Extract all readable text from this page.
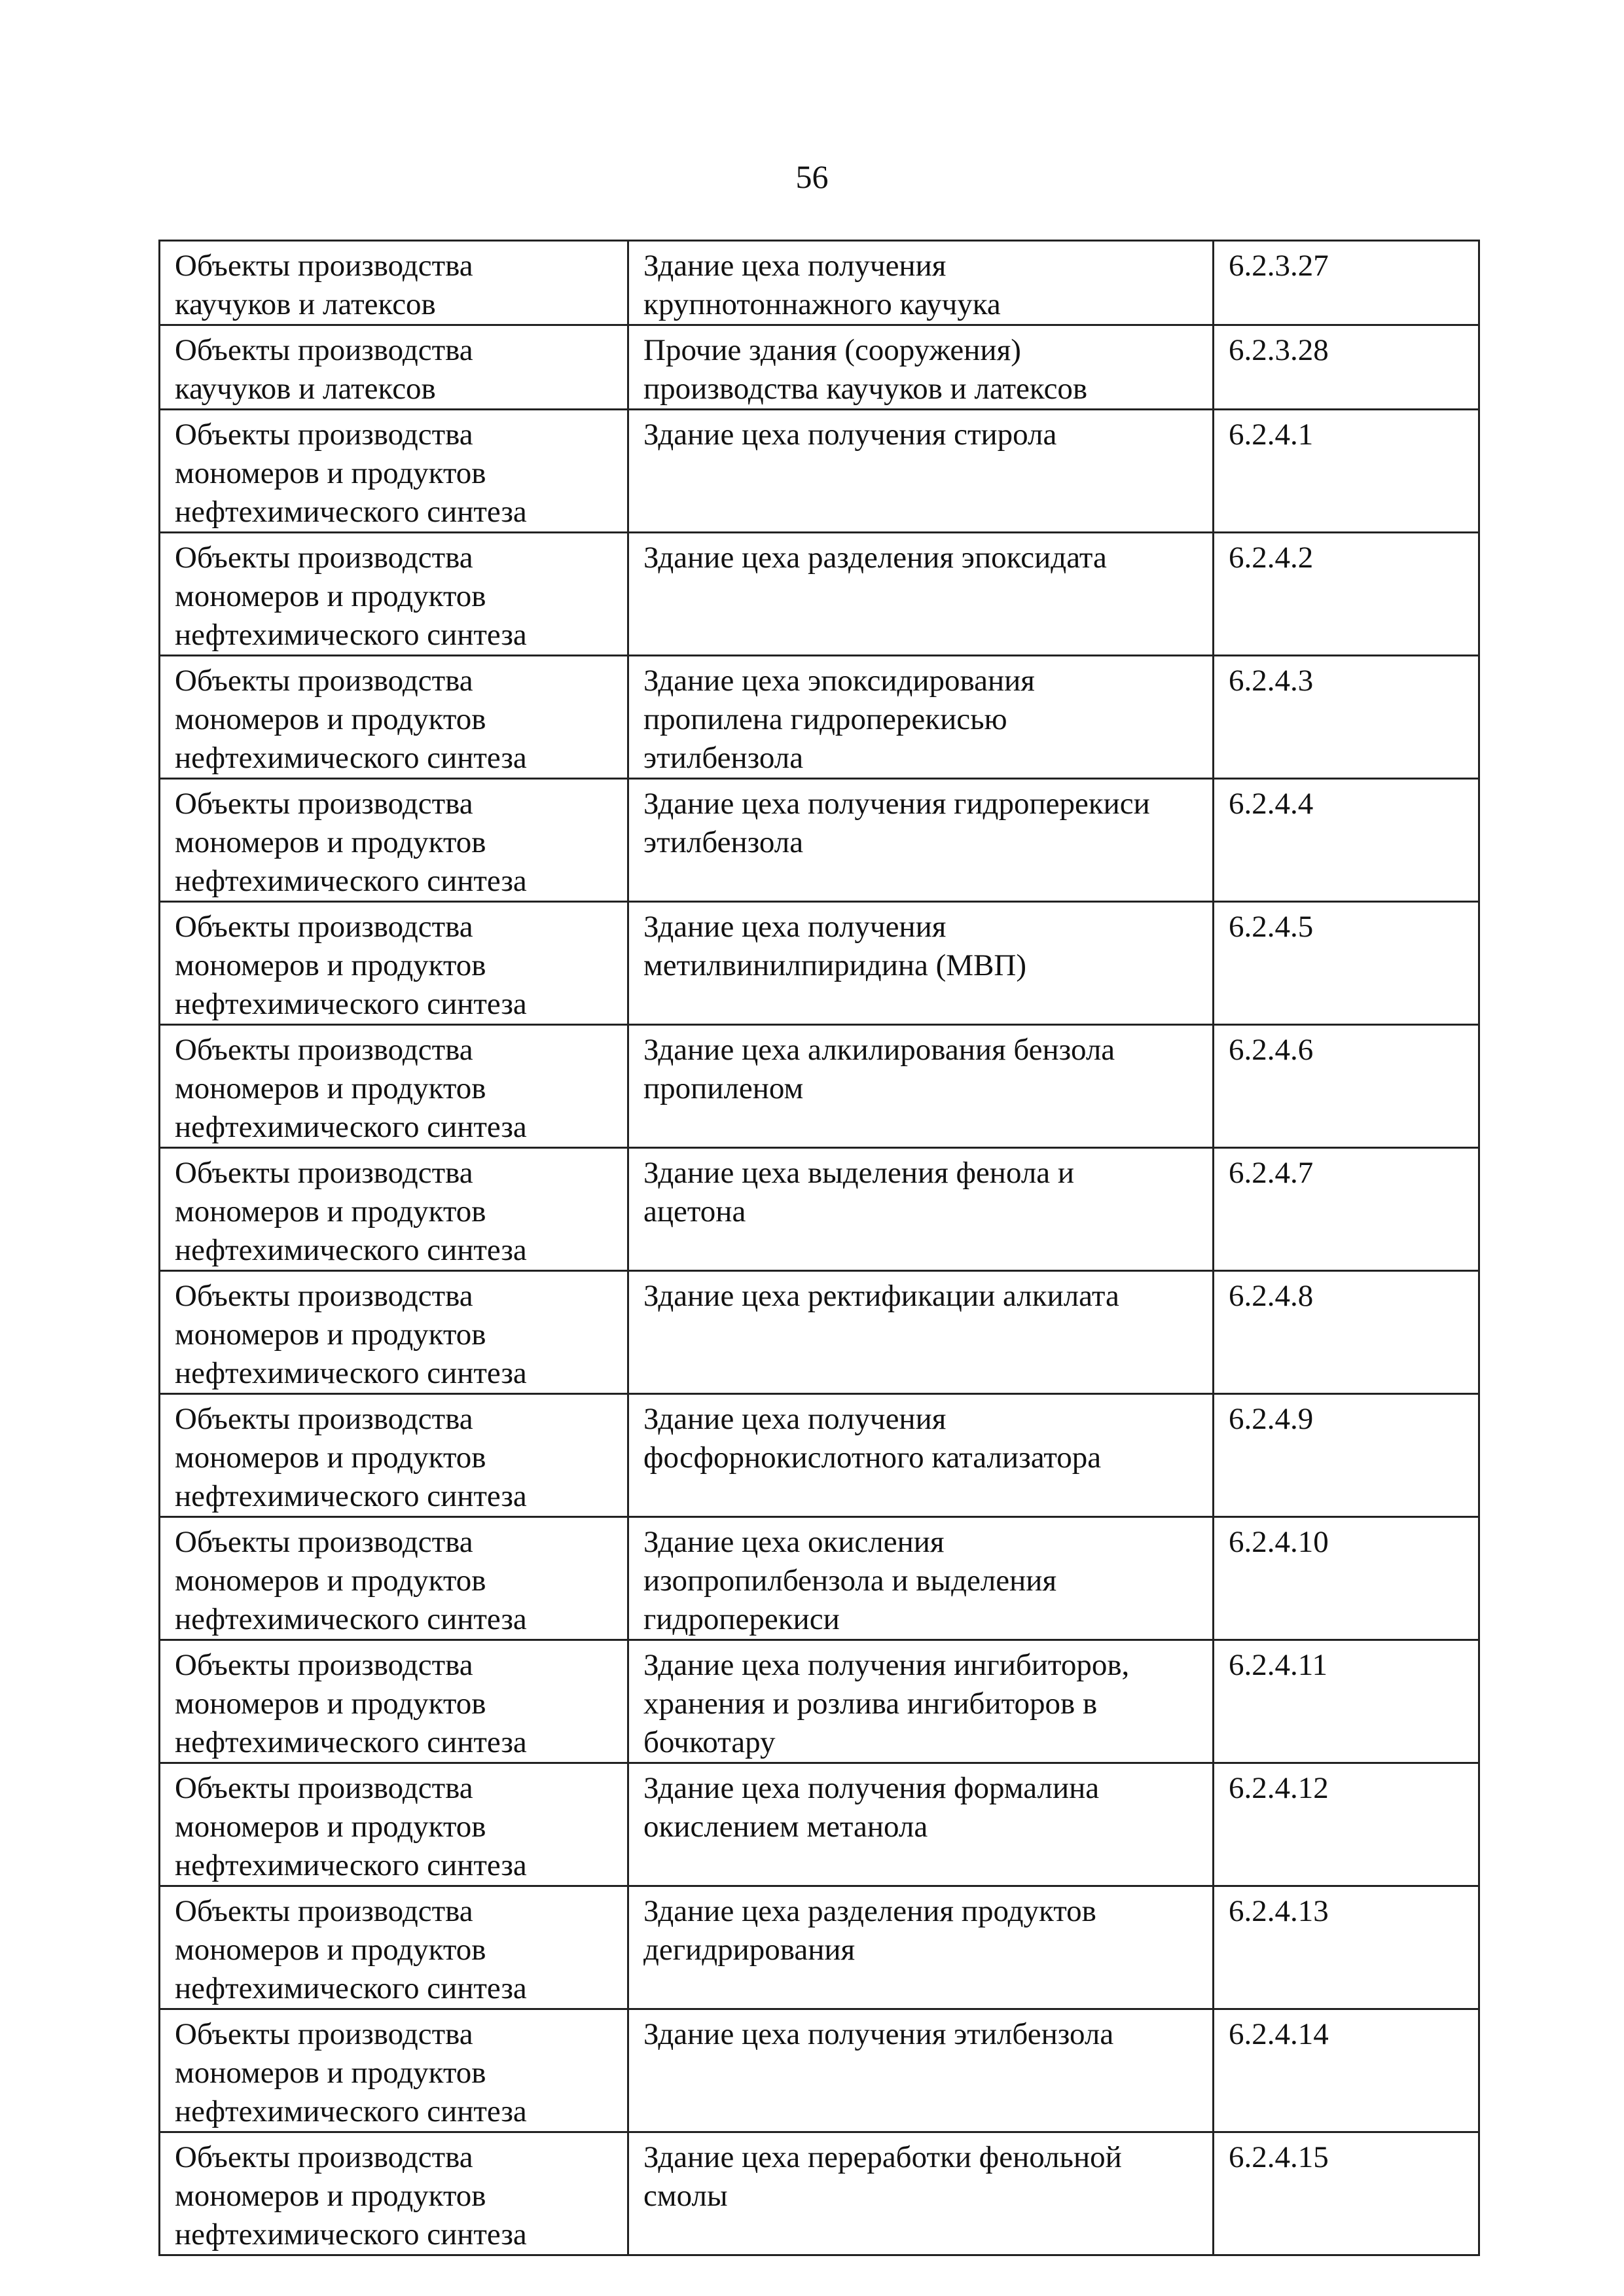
56
Объекты производства
каучуков и латексов	Здание цеха получения
крупнотоннажного каучука	6.2.3.27

Объекты производства
каучуков и латексов	Прочие здания (сооружения)
производства каучуков и латексов	6.2.3.28

Объекты производства
мономеров и продуктов
нефтехимического синтеза	Здание цеха получения стирола	6.2.4.1

Объекты производства
мономеров и продуктов
нефтехимического синтеза	Здание цеха разделения эпоксидата	6.2.4.2

Объекты производства
мономеров и продуктов
нефтехимического синтеза	Здание цеха эпоксидирования
пропилена гидроперекисью
этилбензола	6.2.4.3

Объекты производства
мономеров и продуктов
нефтехимического синтеза	Здание цеха получения гидроперекиси
этилбензола	6.2.4.4

Объекты производства
мономеров и продуктов
нефтехимического синтеза	Здание цеха получения
метилвинилпиридина (МВП)	6.2.4.5

Объекты производства
мономеров и продуктов
нефтехимического синтеза	Здание цеха алкилирования бензола
пропиленом	6.2.4.6

Объекты производства
мономеров и продуктов
нефтехимического синтеза	Здание цеха выделения фенола и
ацетона	6.2.4.7

Объекты производства
мономеров и продуктов
нефтехимического синтеза	Здание цеха ректификации алкилата	6.2.4.8

Объекты производства
мономеров и продуктов
нефтехимического синтеза	Здание цеха получения
фосфорнокислотного катализатора	6.2.4.9

Объекты производства
мономеров и продуктов
нефтехимического синтеза	Здание цеха окисления
изопропилбензола и выделения
гидроперекиси	6.2.4.10

Объекты производства
мономеров и продуктов
нефтехимического синтеза	Здание цеха получения ингибиторов,
хранения и розлива ингибиторов в
бочкотару	6.2.4.11

Объекты производства
мономеров и продуктов
нефтехимического синтеза	Здание цеха получения формалина
окислением метанола	6.2.4.12

Объекты производства
мономеров и продуктов
нефтехимического синтеза	Здание цеха разделения продуктов
дегидрирования	6.2.4.13

Объекты производства
мономеров и продуктов
нефтехимического синтеза	Здание цеха получения этилбензола	6.2.4.14

Объекты производства
мономеров и продуктов
нефтехимического синтеза	Здание цеха переработки фенольной
смолы	6.2.4.15
